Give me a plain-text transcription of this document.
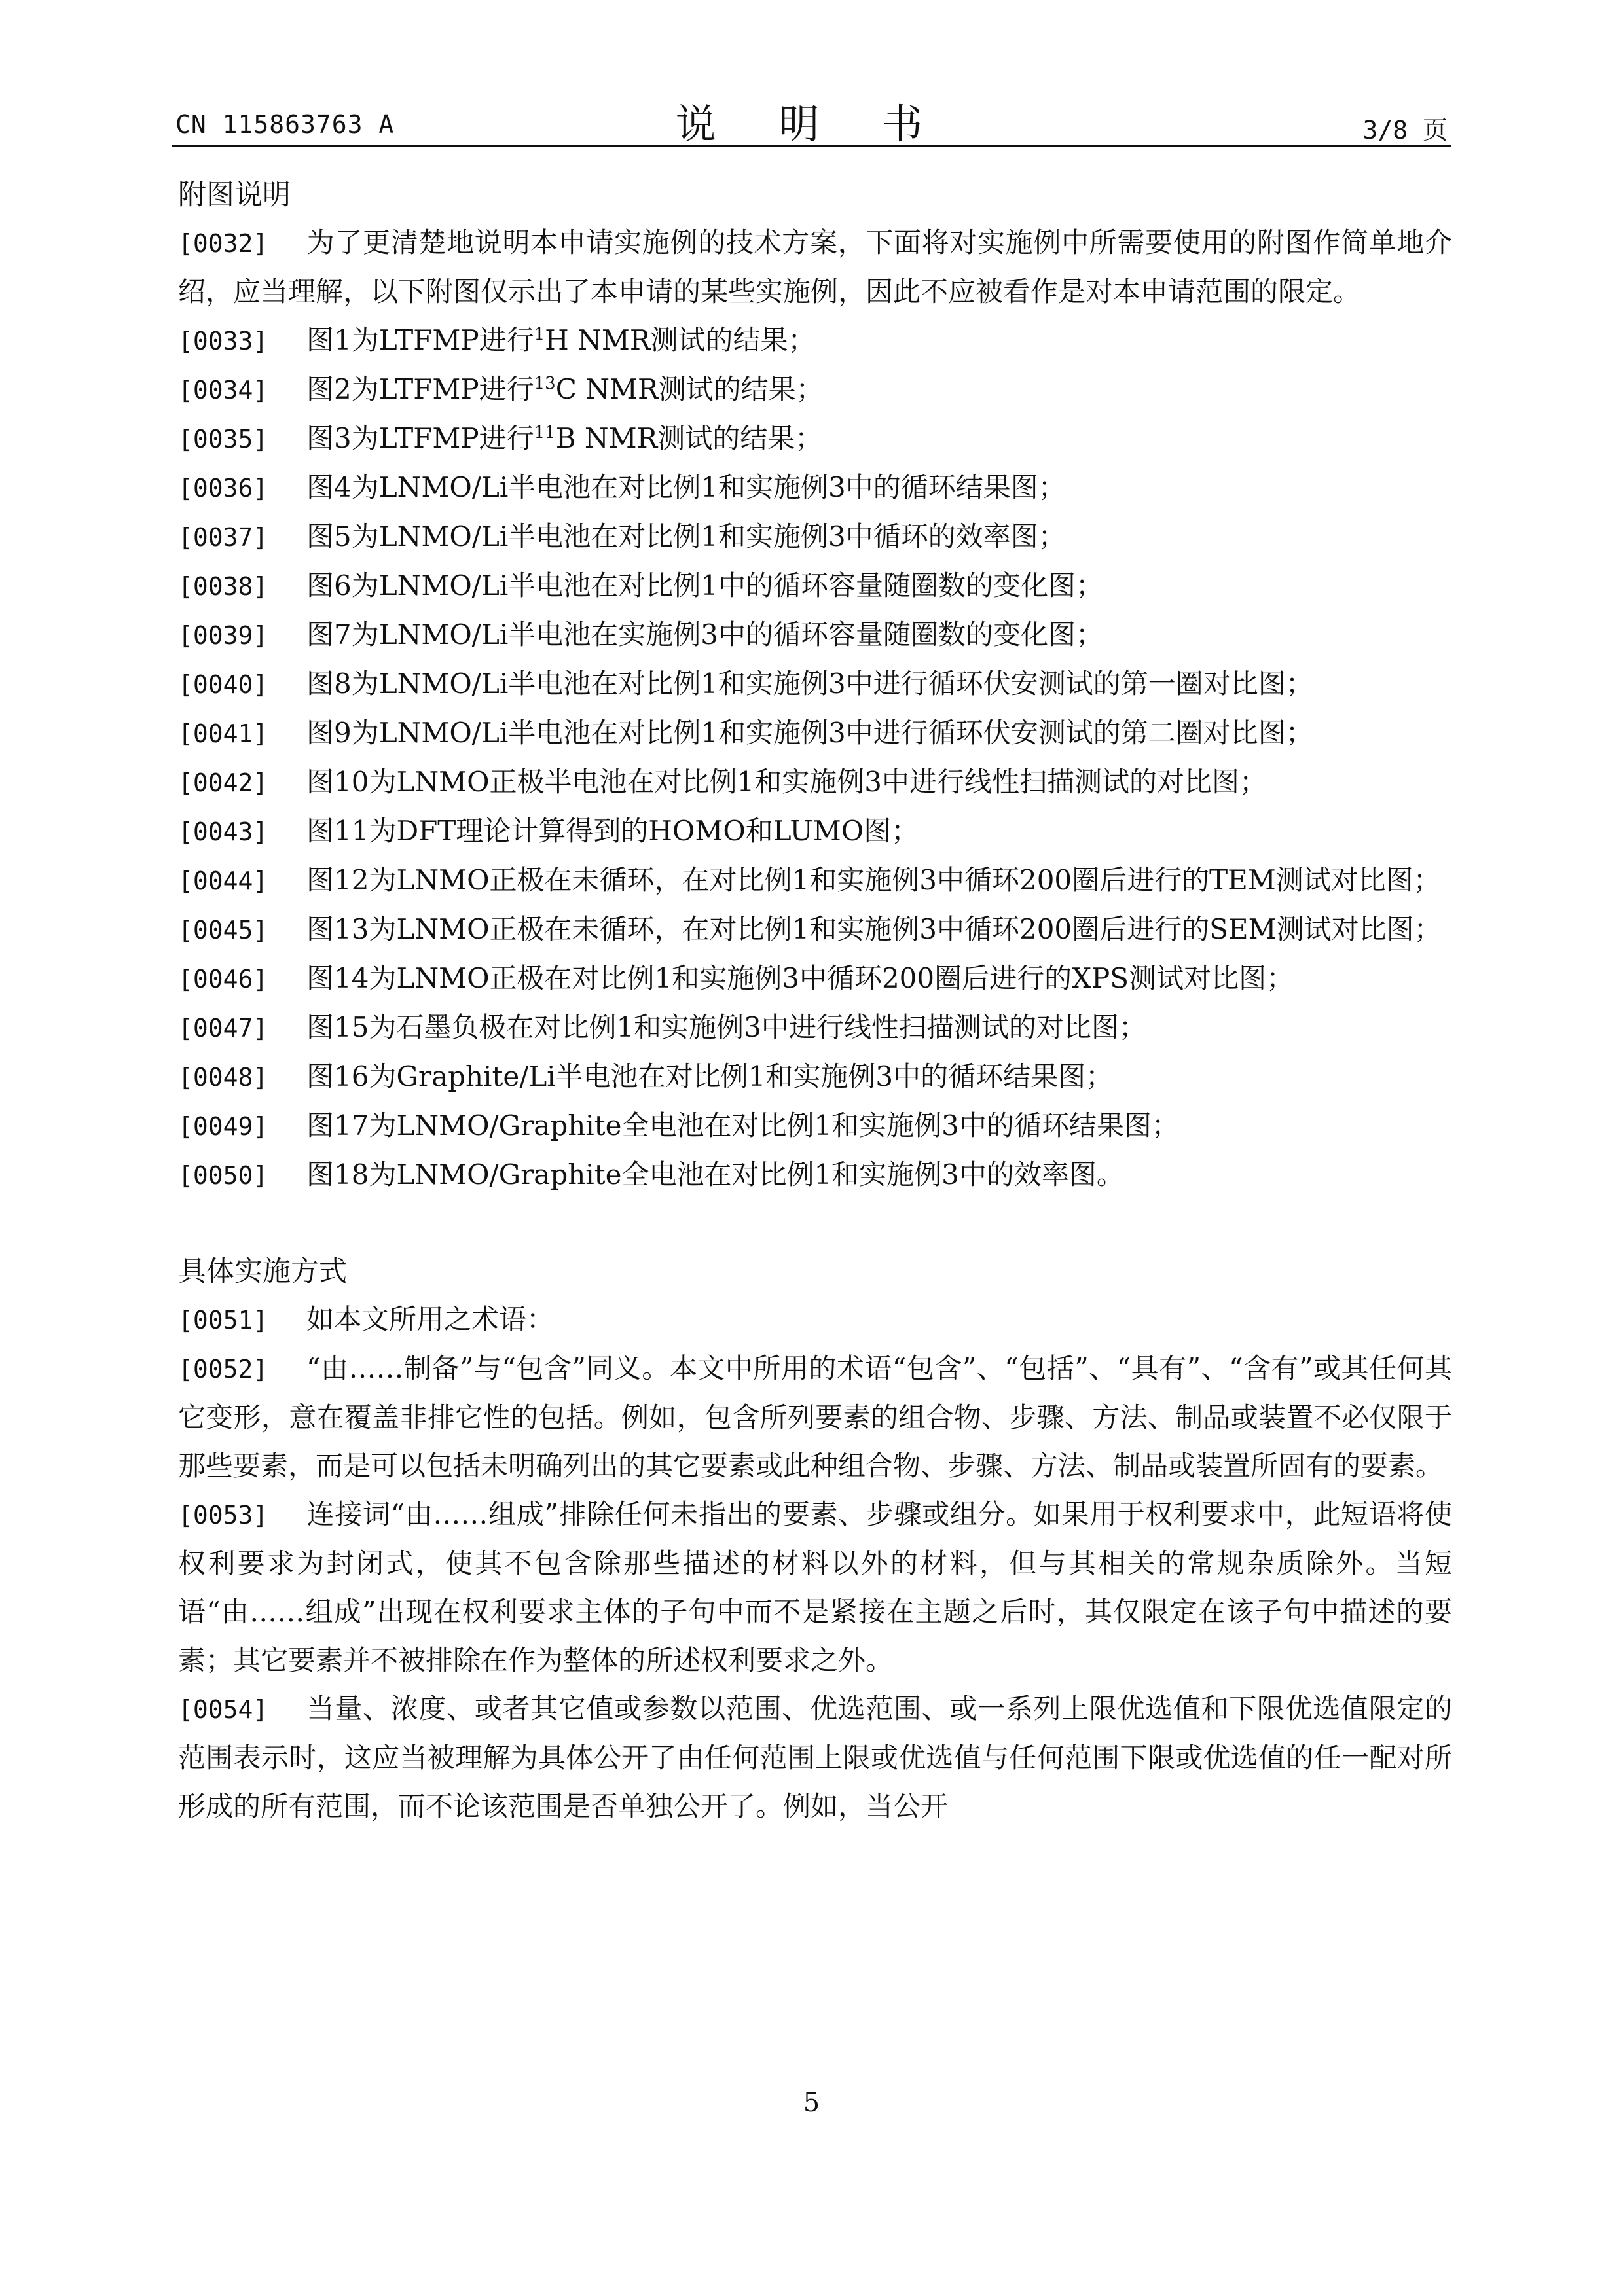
CN 115863763 A	说 明 书	3/8 页
附图说明
[0032] 为了更清楚地说明本申请实施例的技术方案，下面将对实施例中所需要使用的附图作简单地介绍，应当理解，以下附图仅示出了本申请的某些实施例，因此不应被看作是对本申请范围的限定。
[0033] 图1为LTFMP进行$^1$H NMR测试的结果；
[0034] 图2为LTFMP进行$^{13}$C NMR测试的结果；
[0035] 图3为LTFMP进行$^{11}$B NMR测试的结果；
[0036] 图4为LNMO/Li半电池在对比例1和实施例3中的循环结果图；
[0037] 图5为LNMO/Li半电池在对比例1和实施例3中循环的效率图；
[0038] 图6为LNMO/Li半电池在对比例1中的循环容量随圈数的变化图；
[0039] 图7为LNMO/Li半电池在实施例3中的循环容量随圈数的变化图；
[0040] 图8为LNMO/Li半电池在对比例1和实施例3中进行循环伏安测试的第一圈对比图；
[0041] 图9为LNMO/Li半电池在对比例1和实施例3中进行循环伏安测试的第二圈对比图；
[0042] 图10为LNMO正极半电池在对比例1和实施例3中进行线性扫描测试的对比图；
[0043] 图11为DFT理论计算得到的HOMO和LUMO图；
[0044] 图12为LNMO正极在未循环，在对比例1和实施例3中循环200圈后进行的TEM测试对比图；
[0045] 图13为LNMO正极在未循环，在对比例1和实施例3中循环200圈后进行的SEM测试对比图；
[0046] 图14为LNMO正极在对比例1和实施例3中循环200圈后进行的XPS测试对比图；
[0047] 图15为石墨负极在对比例1和实施例3中进行线性扫描测试的对比图；
[0048] 图16为Graphite/Li半电池在对比例1和实施例3中的循环结果图；
[0049] 图17为LNMO/Graphite全电池在对比例1和实施例3中的循环结果图；
[0050] 图18为LNMO/Graphite全电池在对比例1和实施例3中的效率图。
具体实施方式
[0051] 如本文所用之术语：
[0052] “由……制备”与“包含”同义。本文中所用的术语“包含”、“包括”、“具有”、“含有”或其任何其它变形，意在覆盖非排它性的包括。例如，包含所列要素的组合物、步骤、方法、制品或装置不必仅限于那些要素，而是可以包括未明确列出的其它要素或此种组合物、步骤、方法、制品或装置所固有的要素。
[0053] 连接词“由……组成”排除任何未指出的要素、步骤或组分。如果用于权利要求中，此短语将使权利要求为封闭式，使其不包含除那些描述的材料以外的材料，但与其相关的常规杂质除外。当短语“由……组成”出现在权利要求主体的子句中而不是紧接在主题之后时，其仅限定在该子句中描述的要素；其它要素并不被排除在作为整体的所述权利要求之外。
[0054] 当量、浓度、或者其它值或参数以范围、优选范围、或一系列上限优选值和下限优选值限定的范围表示时，这应当被理解为具体公开了由任何范围上限或优选值与任何范围下限或优选值的任一配对所形成的所有范围，而不论该范围是否单独公开了。例如，当公开
5
